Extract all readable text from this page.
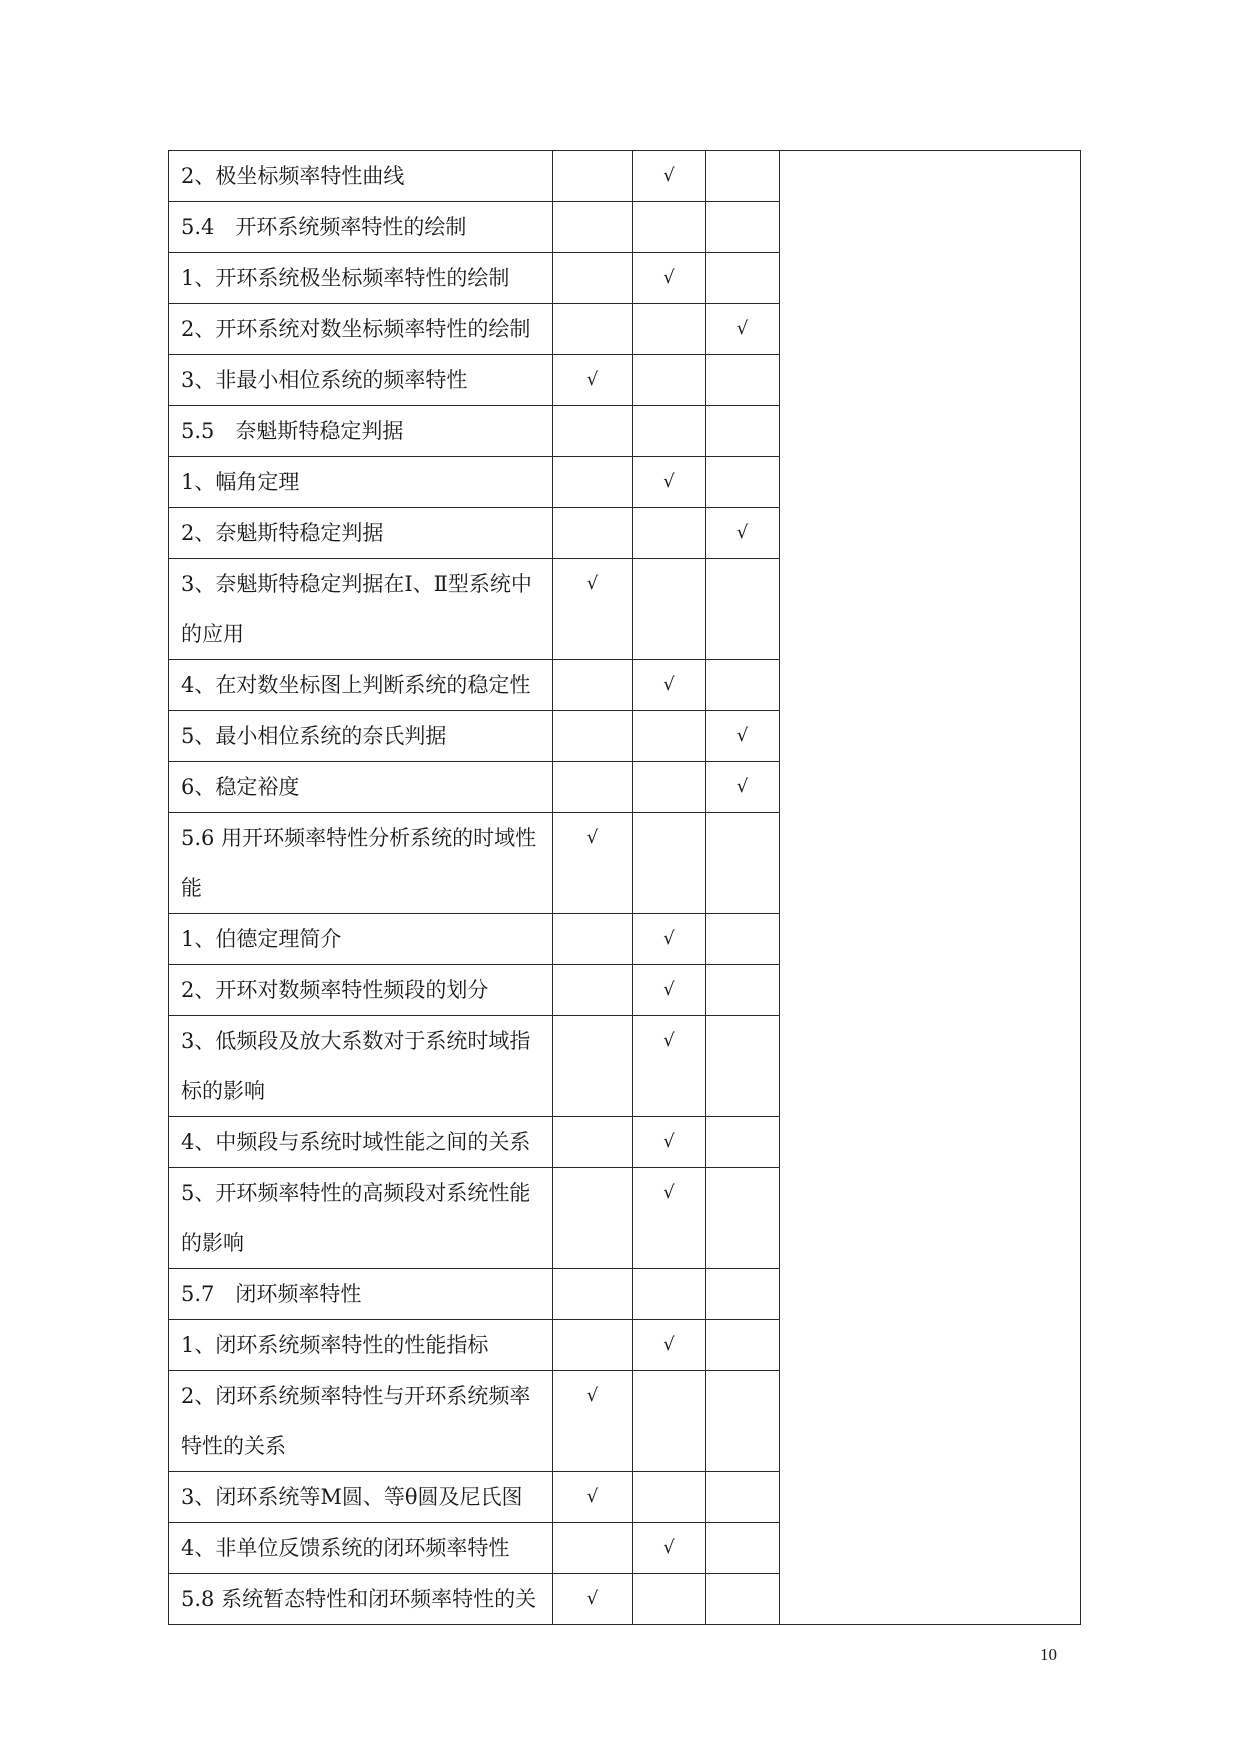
2、极坐标频率特性曲线		√		

5.4　开环系统频率特性的绘制				

1、开环系统极坐标频率特性的绘制		√		

2、开环系统对数坐标频率特性的绘制			√	

3、非最小相位系统的频率特性	√			

5.5　奈魁斯特稳定判据				

1、幅角定理		√		

2、奈魁斯特稳定判据			√	

3、奈魁斯特稳定判据在Ⅰ、Ⅱ型系统中的应用	√			

4、在对数坐标图上判断系统的稳定性		√		

5、最小相位系统的奈氏判据			√	

6、稳定裕度			√	

5.6 用开环频率特性分析系统的时域性能	√			

1、伯德定理简介		√		

2、开环对数频率特性频段的划分		√		

3、低频段及放大系数对于系统时域指标的影响		√		

4、中频段与系统时域性能之间的关系		√		

5、开环频率特性的高频段对系统性能的影响		√		

5.7　闭环频率特性				

1、闭环系统频率特性的性能指标		√		

2、闭环系统频率特性与开环系统频率特性的关系	√			

3、闭环系统等M圆、等θ圆及尼氏图	√			

4、非单位反馈系统的闭环频率特性		√		

5.8 系统暂态特性和闭环频率特性的关	√			
10
